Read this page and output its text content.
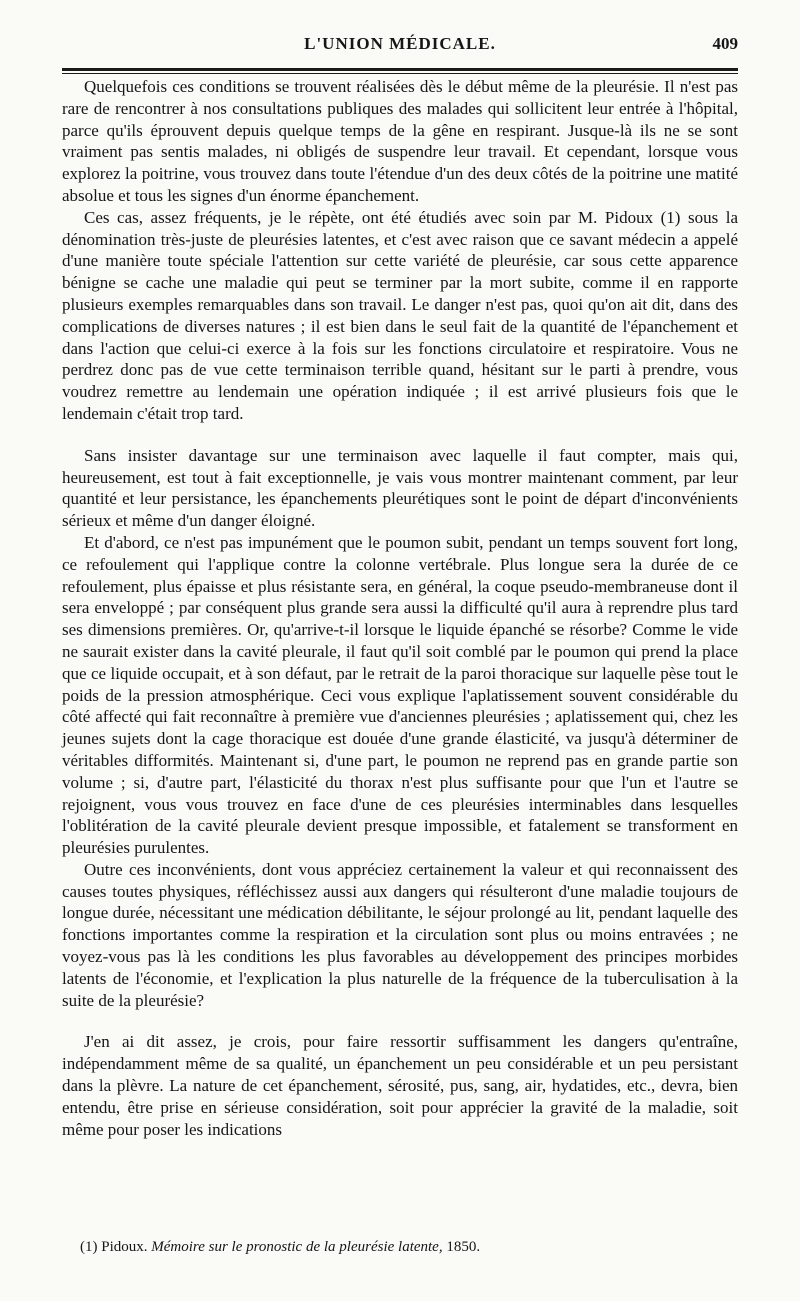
L'UNION MÉDICALE.	409

Quelquefois ces conditions se trouvent réalisées dès le début même de la pleurésie. Il n'est pas rare de rencontrer à nos consultations publiques des malades qui sollicitent leur entrée à l'hôpital, parce qu'ils éprouvent depuis quelque temps de la gêne en respirant. Jusque-là ils ne se sont vraiment pas sentis malades, ni obligés de suspendre leur travail. Et cependant, lorsque vous explorez la poitrine, vous trouvez dans toute l'étendue d'un des deux côtés de la poitrine une matité absolue et tous les signes d'un énorme épanchement.

Ces cas, assez fréquents, je le répète, ont été étudiés avec soin par M. Pidoux (1) sous la dénomination très-juste de pleurésies latentes, et c'est avec raison que ce savant médecin a appelé d'une manière toute spéciale l'attention sur cette variété de pleurésie, car sous cette apparence bénigne se cache une maladie qui peut se terminer par la mort subite, comme il en rapporte plusieurs exemples remarquables dans son travail. Le danger n'est pas, quoi qu'on ait dit, dans des complications de diverses natures ; il est bien dans le seul fait de la quantité de l'épanchement et dans l'action que celui-ci exerce à la fois sur les fonctions circulatoire et respiratoire. Vous ne perdrez donc pas de vue cette terminaison terrible quand, hésitant sur le parti à prendre, vous voudrez remettre au lendemain une opération indiquée ; il est arrivé plusieurs fois que le lendemain c'était trop tard.

Sans insister davantage sur une terminaison avec laquelle il faut compter, mais qui, heureusement, est tout à fait exceptionnelle, je vais vous montrer maintenant comment, par leur quantité et leur persistance, les épanchements pleurétiques sont le point de départ d'inconvénients sérieux et même d'un danger éloigné.

Et d'abord, ce n'est pas impunément que le poumon subit, pendant un temps souvent fort long, ce refoulement qui l'applique contre la colonne vertébrale. Plus longue sera la durée de ce refoulement, plus épaisse et plus résistante sera, en général, la coque pseudo-membraneuse dont il sera enveloppé ; par conséquent plus grande sera aussi la difficulté qu'il aura à reprendre plus tard ses dimensions premières. Or, qu'arrive-t-il lorsque le liquide épanché se résorbe? Comme le vide ne saurait exister dans la cavité pleurale, il faut qu'il soit comblé par le poumon qui prend la place que ce liquide occupait, et à son défaut, par le retrait de la paroi thoracique sur laquelle pèse tout le poids de la pression atmosphérique. Ceci vous explique l'aplatissement souvent considérable du côté affecté qui fait reconnaître à première vue d'anciennes pleurésies ; aplatissement qui, chez les jeunes sujets dont la cage thoracique est douée d'une grande élasticité, va jusqu'à déterminer de véritables difformités. Maintenant si, d'une part, le poumon ne reprend pas en grande partie son volume ; si, d'autre part, l'élasticité du thorax n'est plus suffisante pour que l'un et l'autre se rejoignent, vous vous trouvez en face d'une de ces pleurésies interminables dans lesquelles l'oblitération de la cavité pleurale devient presque impossible, et fatalement se transforment en pleurésies purulentes.

Outre ces inconvénients, dont vous appréciez certainement la valeur et qui reconnaissent des causes toutes physiques, réfléchissez aussi aux dangers qui résulteront d'une maladie toujours de longue durée, nécessitant une médication débilitante, le séjour prolongé au lit, pendant laquelle des fonctions importantes comme la respiration et la circulation sont plus ou moins entravées ; ne voyez-vous pas là les conditions les plus favorables au développement des principes morbides latents de l'économie, et l'explication la plus naturelle de la fréquence de la tuberculisation à la suite de la pleurésie?

J'en ai dit assez, je crois, pour faire ressortir suffisamment les dangers qu'entraîne, indépendamment même de sa qualité, un épanchement un peu considérable et un peu persistant dans la plèvre. La nature de cet épanchement, sérosité, pus, sang, air, hydatides, etc., devra, bien entendu, être prise en sérieuse considération, soit pour apprécier la gravité de la maladie, soit même pour poser les indications

(1) Pidoux. Mémoire sur le pronostic de la pleurésie latente, 1850.
